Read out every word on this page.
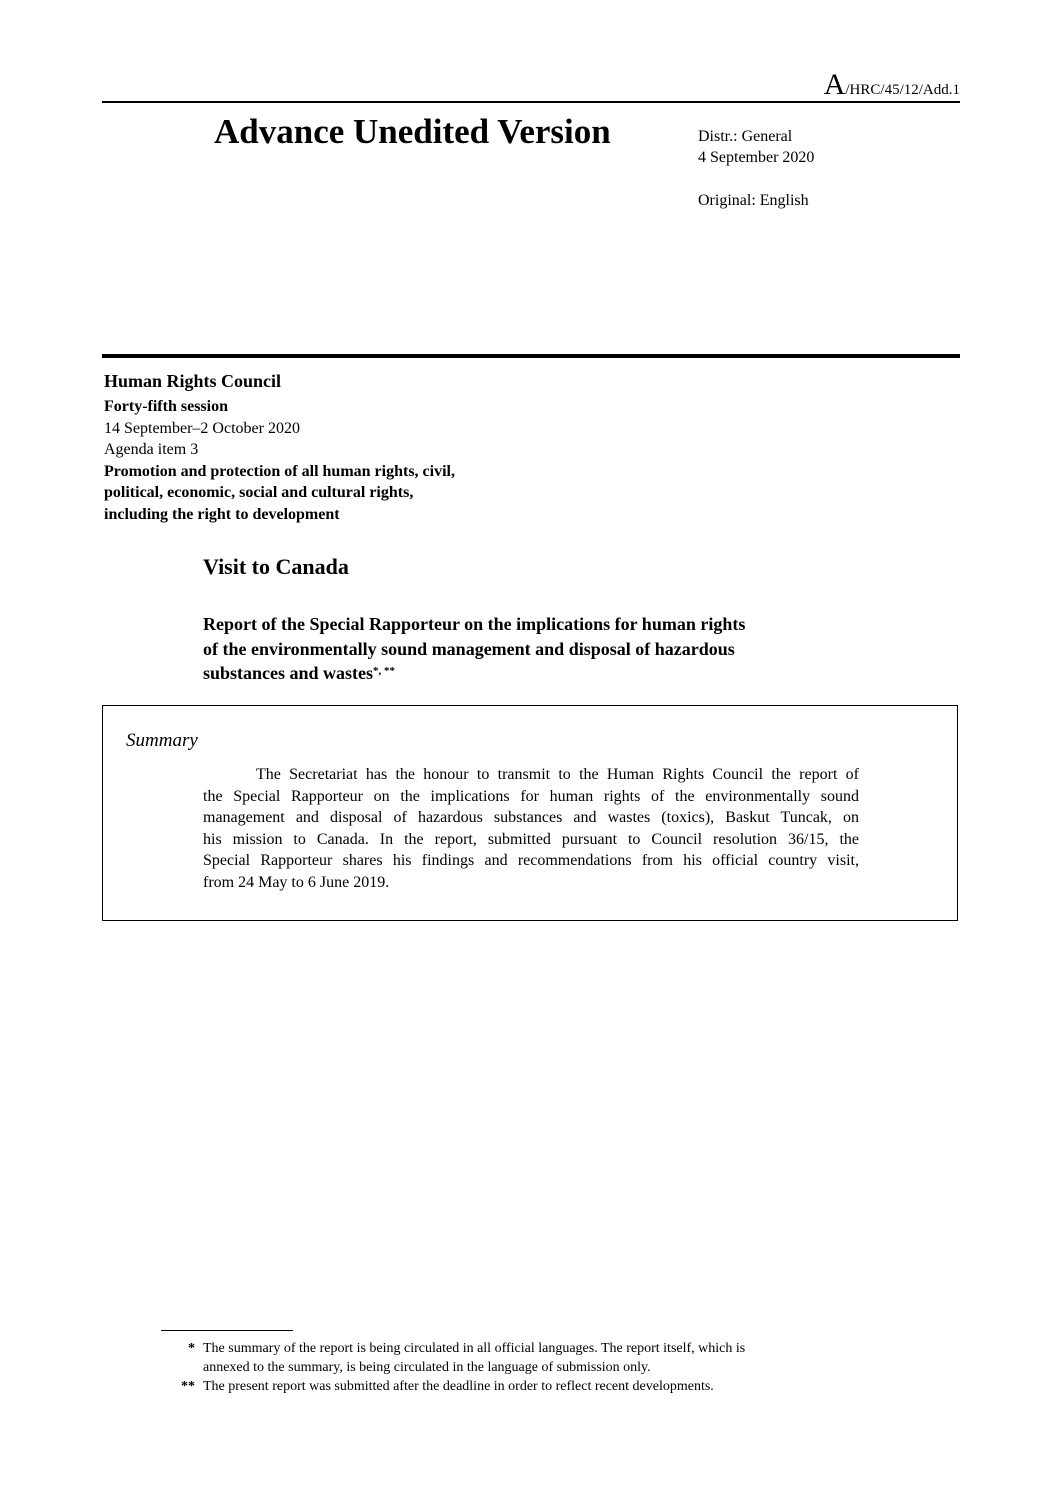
A/HRC/45/12/Add.1
Advance Unedited Version	Distr.: General
4 September 2020
Original: English
Human Rights Council
Forty-fifth session
14 September–2 October 2020
Agenda item 3
Promotion and protection of all human rights, civil,
political, economic, social and cultural rights,
including the right to development
Visit to Canada
Report of the Special Rapporteur on the implications for human rights
of the environmentally sound management and disposal of hazardous
substances and wastes*, **
Summary
The Secretariat has the honour to transmit to the Human Rights Council the report of
the Special Rapporteur on the implications for human rights of the environmentally sound
management and disposal of hazardous substances and wastes (toxics), Baskut Tuncak, on
his mission to Canada. In the report, submitted pursuant to Council resolution 36/15, the
Special Rapporteur shares his findings and recommendations from his official country visit,
from 24 May to 6 June 2019.
* The summary of the report is being circulated in all official languages. The report itself, which is
annexed to the summary, is being circulated in the language of submission only.
** The present report was submitted after the deadline in order to reflect recent developments.
